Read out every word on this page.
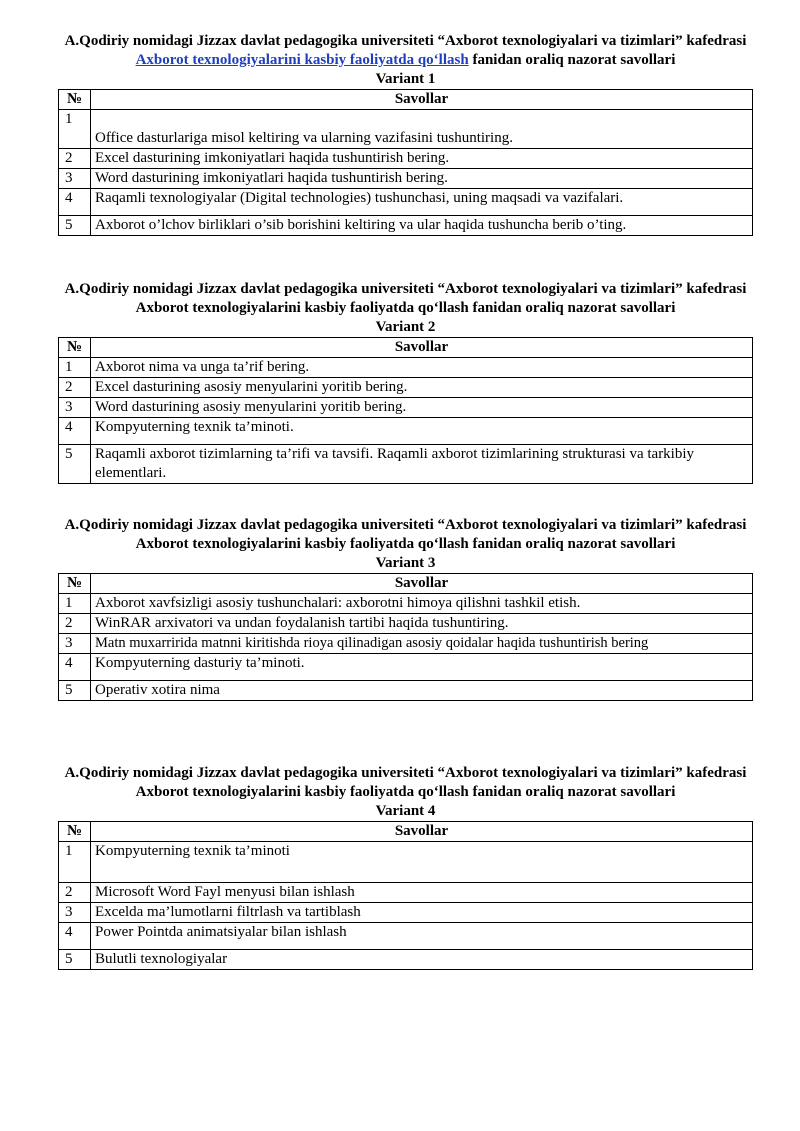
A.Qodiriy nomidagi Jizzax davlat pedagogika universiteti “Axborot texnologiyalari va tizimlari” kafedrasi Axborot texnologiyalarini kasbiy faoliyatda qo‘llash fanidan oraliq nazorat savollari
Variant 1
№	Savollar
1	Office dasturlariga misol keltiring va ularning vazifasini tushuntiring.
2	Excel dasturining imkoniyatlari haqida tushuntirish bering.
3	Word dasturining imkoniyatlari haqida tushuntirish bering.
4	Raqamli texnologiyalar (Digital technologies) tushunchasi, uning maqsadi va vazifalari.
5	Axborot o’lchov birliklari o’sib borishini keltiring va ular haqida tushuncha berib o’ting.
A.Qodiriy nomidagi Jizzax davlat pedagogika universiteti “Axborot texnologiyalari va tizimlari” kafedrasi Axborot texnologiyalarini kasbiy faoliyatda qo‘llash fanidan oraliq nazorat savollari
Variant 2
№	Savollar
1	Axborot nima va unga ta’rif bering.
2	Excel dasturining asosiy menyularini yoritib bering.
3	Word dasturining asosiy menyularini yoritib bering.
4	Kompyuterning texnik ta’minoti.
5	Raqamli axborot tizimlarning ta’rifi va tavsifi. Raqamli axborot tizimlarining strukturasi va tarkibiy elementlari.
A.Qodiriy nomidagi Jizzax davlat pedagogika universiteti “Axborot texnologiyalari va tizimlari” kafedrasi Axborot texnologiyalarini kasbiy faoliyatda qo‘llash fanidan oraliq nazorat savollari
Variant 3
№	Savollar
1	Axborot xavfsizligi asosiy tushunchalari: axborotni himoya qilishni tashkil etish.
2	WinRAR arxivatori va undan foydalanish tartibi haqida tushuntiring.
3	Matn muxarririda matnni kiritishda rioya qilinadigan asosiy qoidalar haqida tushuntirish bering
4	Kompyuterning dasturiy ta’minoti.
5	Operativ xotira nima
A.Qodiriy nomidagi Jizzax davlat pedagogika universiteti “Axborot texnologiyalari va tizimlari” kafedrasi Axborot texnologiyalarini kasbiy faoliyatda qo‘llash fanidan oraliq nazorat savollari
Variant 4
№	Savollar
1	Kompyuterning texnik ta’minoti
2	Microsoft Word Fayl menyusi bilan ishlash
3	Excelda ma’lumotlarni filtrlash va tartiblash
4	Power Pointda animatsiyalar bilan ishlash
5	Bulutli texnologiyalar
